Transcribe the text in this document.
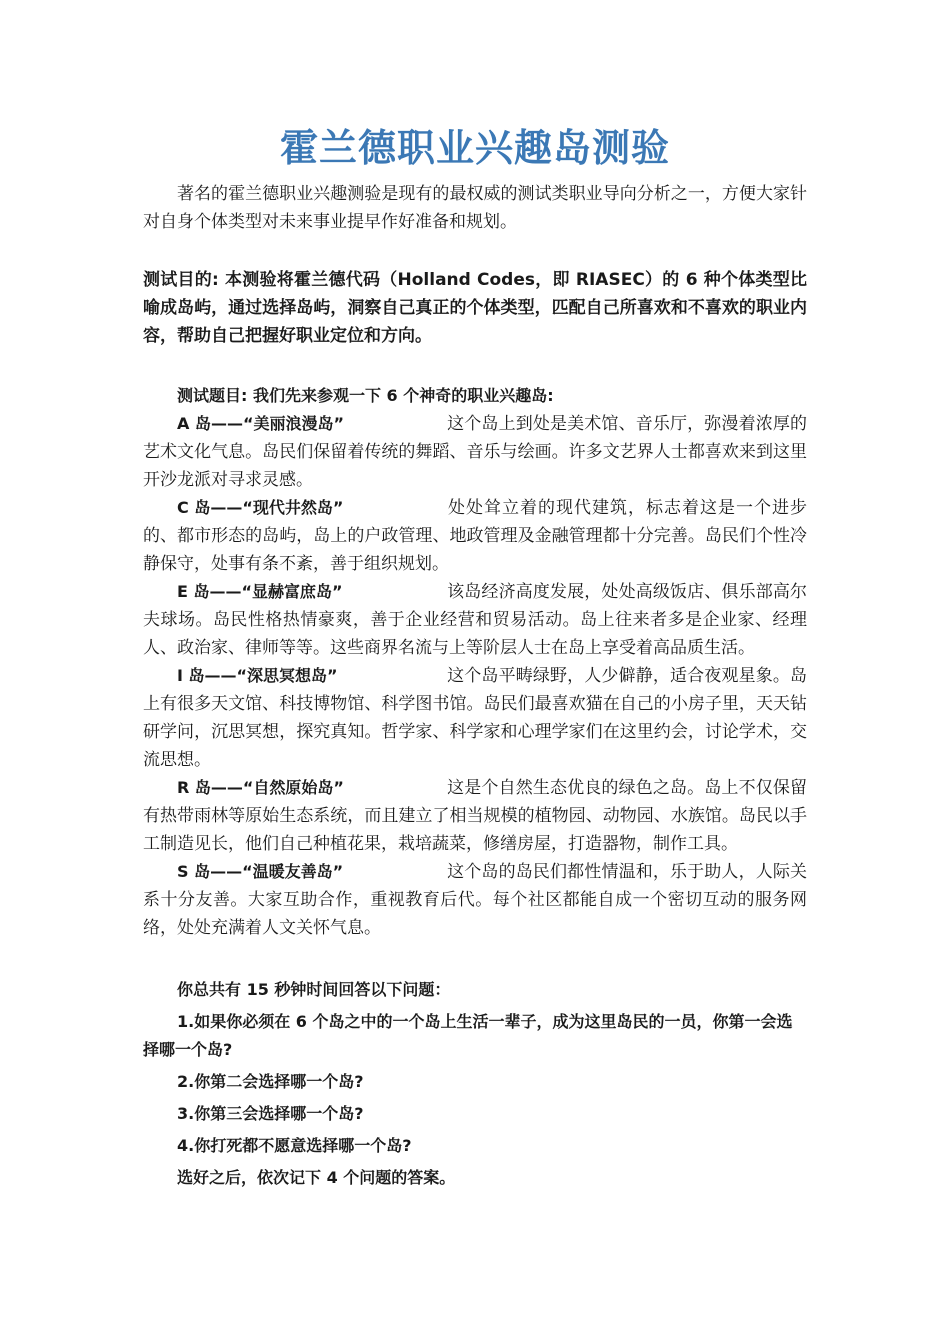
霍兰德职业兴趣岛测验

著名的霍兰德职业兴趣测验是现有的最权威的测试类职业导向分析之一，方便大家针对自身个体类型对未来事业提早作好准备和规划。

测试目的: 本测验将霍兰德代码（Holland Codes，即 RIASEC）的 6 种个体类型比喻成岛屿，通过选择岛屿，洞察自己真正的个体类型，匹配自己所喜欢和不喜欢的职业内容，帮助自己把握好职业定位和方向。

测试题目: 我们先来参观一下 6 个神奇的职业兴趣岛:

A 岛——“美丽浪漫岛”	这个岛上到处是美术馆、音乐厅，弥漫着浓厚的艺术文化气息。岛民们保留着传统的舞蹈、音乐与绘画。许多文艺界人士都喜欢来到这里开沙龙派对寻求灵感。

C 岛——“现代井然岛”	处处耸立着的现代建筑，标志着这是一个进步的、都市形态的岛屿，岛上的户政管理、地政管理及金融管理都十分完善。岛民们个性冷静保守，处事有条不紊，善于组织规划。

E 岛——“显赫富庶岛”	该岛经济高度发展，处处高级饭店、俱乐部高尔夫球场。岛民性格热情豪爽，善于企业经营和贸易活动。岛上往来者多是企业家、经理人、政治家、律师等等。这些商界名流与上等阶层人士在岛上享受着高品质生活。

I 岛——“深思冥想岛”	这个岛平畴绿野，人少僻静，适合夜观星象。岛上有很多天文馆、科技博物馆、科学图书馆。岛民们最喜欢猫在自己的小房子里，天天钻研学问，沉思冥想，探究真知。哲学家、科学家和心理学家们在这里约会，讨论学术，交流思想。

R 岛——“自然原始岛”	这是个自然生态优良的绿色之岛。岛上不仅保留有热带雨林等原始生态系统，而且建立了相当规模的植物园、动物园、水族馆。岛民以手工制造见长，他们自己种植花果，栽培蔬菜，修缮房屋，打造器物，制作工具。

S 岛——“温暖友善岛”	这个岛的岛民们都性情温和，乐于助人，人际关系十分友善。大家互助合作，重视教育后代。每个社区都能自成一个密切互动的服务网络，处处充满着人文关怀气息。

你总共有 15 秒钟时间回答以下问题：

1.如果你必须在 6 个岛之中的一个岛上生活一辈子，成为这里岛民的一员，你第一会选择哪一个岛?

2.你第二会选择哪一个岛?

3.你第三会选择哪一个岛?

4.你打死都不愿意选择哪一个岛?

选好之后，依次记下 4 个问题的答案。
